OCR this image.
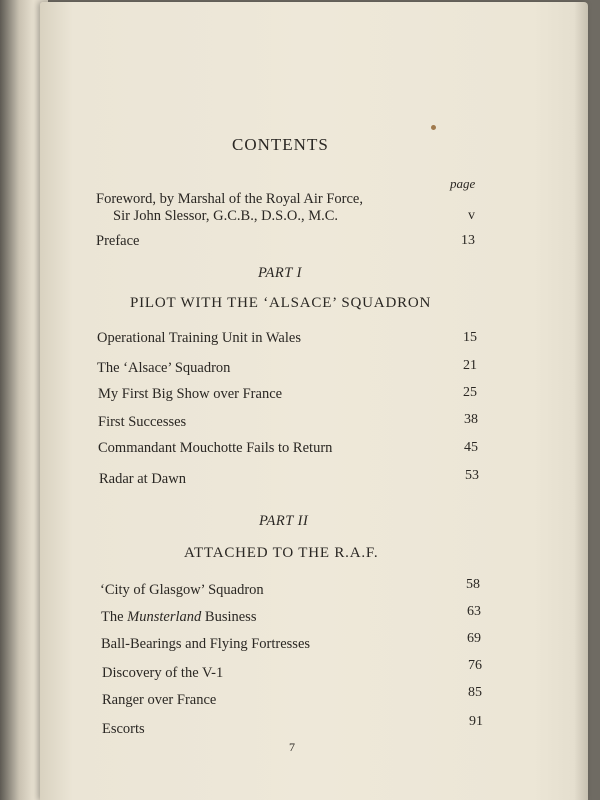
CONTENTS
page
Foreword, by Marshal of the Royal Air Force,
Sir John Slessor, G.C.B., D.S.O., M.C.	v
Preface	13
PART I
PILOT WITH THE ‘ALSACE’ SQUADRON
Operational Training Unit in Wales	15
The ‘Alsace’ Squadron	21
My First Big Show over France	25
First Successes	38
Commandant Mouchotte Fails to Return	45
Radar at Dawn	53
PART II
ATTACHED TO THE R.A.F.
‘City of Glasgow’ Squadron	58
The Munsterland Business	63
Ball-Bearings and Flying Fortresses	69
Discovery of the V-1	76
Ranger over France	85
Escorts	91
7
